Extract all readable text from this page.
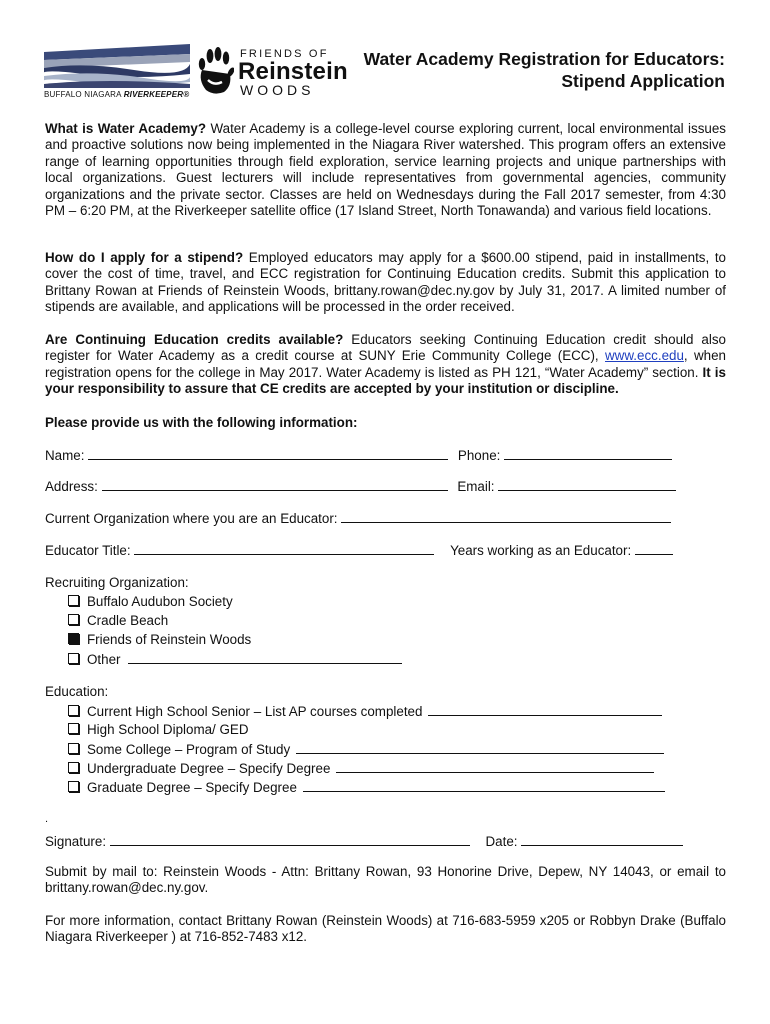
BUFFALO NIAGARA RIVERKEEPER®
FRIENDS OF
Reinstein
WOODS
Water Academy Registration for Educators:
Stipend Application
What is Water Academy? Water Academy is a college-level course exploring current, local environmental issues and proactive solutions now being implemented in the Niagara River watershed. This program offers an extensive range of learning opportunities through field exploration, service learning projects and unique partnerships with local organizations. Guest lecturers will include representatives from governmental agencies, community organizations and the private sector. Classes are held on Wednesdays during the Fall 2017 semester, from 4:30 PM – 6:20 PM, at the Riverkeeper satellite office (17 Island Street, North Tonawanda) and various field locations.
How do I apply for a stipend? Employed educators may apply for a $600.00 stipend, paid in installments, to cover the cost of time, travel, and ECC registration for Continuing Education credits. Submit this application to Brittany Rowan at Friends of Reinstein Woods, brittany.rowan@dec.ny.gov by July 31, 2017. A limited number of stipends are available, and applications will be processed in the order received.
Are Continuing Education credits available? Educators seeking Continuing Education credit should also register for Water Academy as a credit course at SUNY Erie Community College (ECC), www.ecc.edu, when registration opens for the college in May 2017. Water Academy is listed as PH 121, “Water Academy” section. It is your responsibility to assure that CE credits are accepted by your institution or discipline.
Please provide us with the following information:
Name:	Phone:
Address:	Email:
Current Organization where you are an Educator:
Educator Title:	Years working as an Educator:
Recruiting Organization:
Buffalo Audubon Society
Cradle Beach
Friends of Reinstein Woods
Other
Education:
Current High School Senior – List AP courses completed
High School Diploma/ GED
Some College – Program of Study
Undergraduate Degree – Specify Degree
Graduate Degree – Specify Degree
.
Signature:	Date:
Submit by mail to: Reinstein Woods - Attn: Brittany Rowan, 93 Honorine Drive, Depew, NY 14043, or email to brittany.rowan@dec.ny.gov.
For more information, contact Brittany Rowan (Reinstein Woods) at 716-683-5959 x205 or Robbyn Drake (Buffalo Niagara Riverkeeper ) at 716-852-7483 x12.
